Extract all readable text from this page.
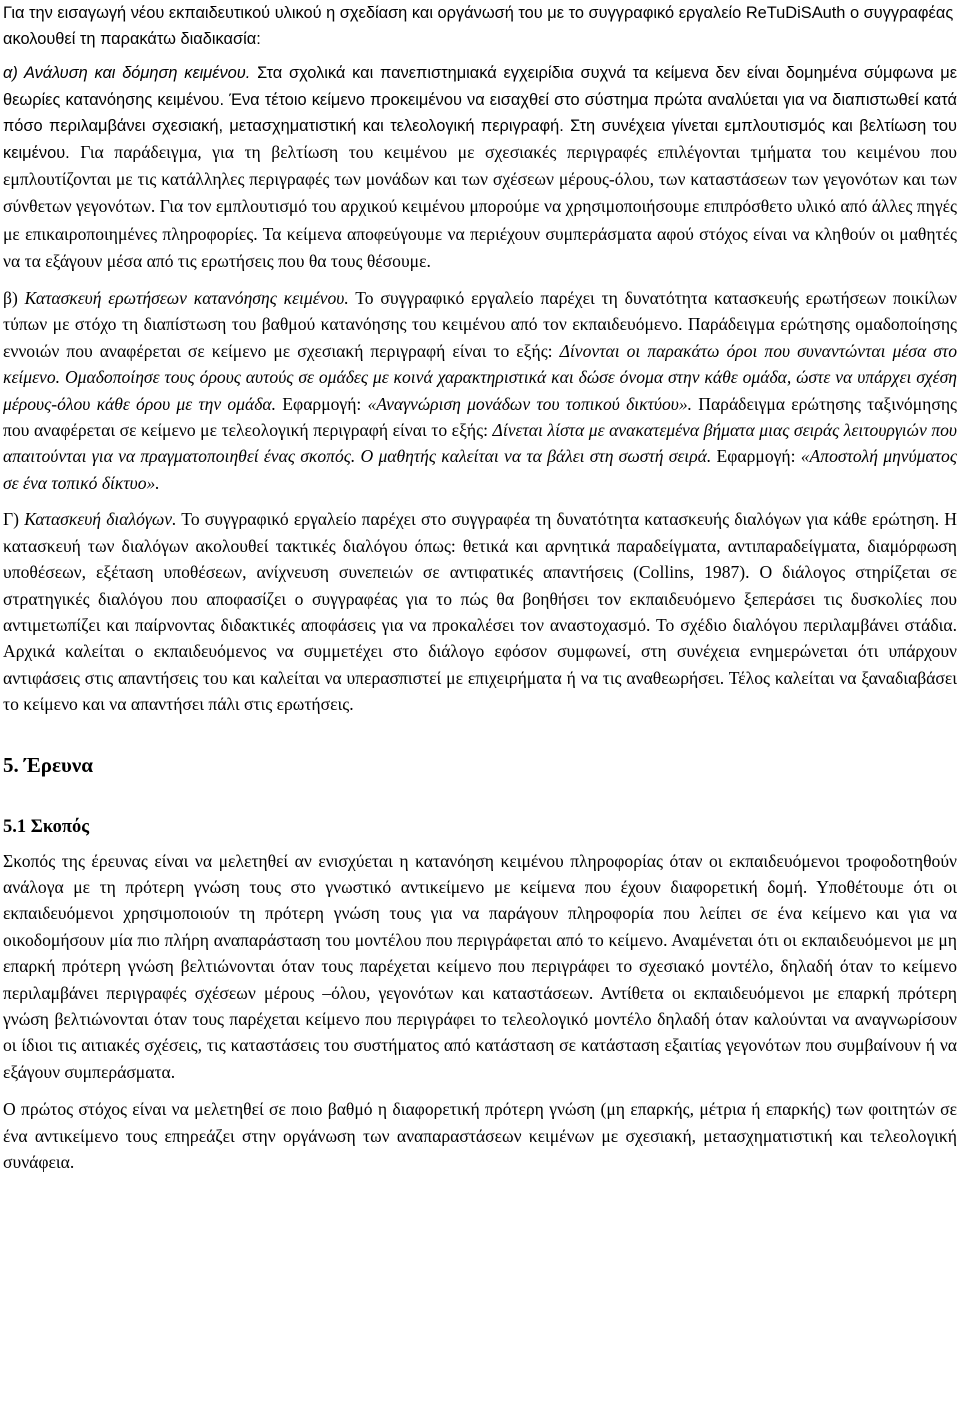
Για την εισαγωγή νέου εκπαιδευτικού υλικού η σχεδίαση και οργάνωσή του με το συγγραφικό εργαλείο ReTuDiSAuth ο συγγραφέας ακολουθεί τη παρακάτω διαδικασία:

α) Ανάλυση και δόμηση κειμένου. Στα σχολικά και πανεπιστημιακά εγχειρίδια συχνά τα κείμενα δεν είναι δομημένα σύμφωνα με θεωρίες κατανόησης κειμένου. Ένα τέτοιο κείμενο προκειμένου να εισαχθεί στο σύστημα πρώτα αναλύεται για να διαπιστωθεί κατά πόσο περιλαμβάνει σχεσιακή, μετασχηματιστική και τελεολογική περιγραφή. Στη συνέχεια γίνεται εμπλουτισμός και βελτίωση του κειμένου. Για παράδειγμα, για τη βελτίωση του κειμένου με σχεσιακές περιγραφές επιλέγονται τμήματα του κειμένου που εμπλουτίζονται με τις κατάλληλες περιγραφές των μονάδων και των σχέσεων μέρους-όλου, των καταστάσεων των γεγονότων και των σύνθετων γεγονότων. Για τον εμπλουτισμό του αρχικού κειμένου μπορούμε να χρησιμοποιήσουμε επιπρόσθετο υλικό από άλλες πηγές με επικαιροποιημένες πληροφορίες. Τα κείμενα αποφεύγουμε να περιέχουν συμπεράσματα αφού στόχος είναι να κληθούν οι μαθητές να τα εξάγουν μέσα από τις ερωτήσεις που θα τους θέσουμε.

β) Κατασκευή ερωτήσεων κατανόησης κειμένου. Το συγγραφικό εργαλείο παρέχει τη δυνατότητα κατασκευής ερωτήσεων ποικίλων τύπων με στόχο τη διαπίστωση του βαθμού κατανόησης του κειμένου από τον εκπαιδευόμενο. Παράδειγμα ερώτησης ομαδοποίησης εννοιών που αναφέρεται σε κείμενο με σχεσιακή περιγραφή είναι το εξής: Δίνονται οι παρακάτω όροι που συναντώνται μέσα στο κείμενο. Ομαδοποίησε τους όρους αυτούς σε ομάδες με κοινά χαρακτηριστικά και δώσε όνομα στην κάθε ομάδα, ώστε να υπάρχει σχέση μέρους-όλου κάθε όρου με την ομάδα. Εφαρμογή: «Αναγνώριση μονάδων του τοπικού δικτύου». Παράδειγμα ερώτησης ταξινόμησης που αναφέρεται σε κείμενο με τελεολογική περιγραφή είναι το εξής: Δίνεται λίστα με ανακατεμένα βήματα μιας σειράς λειτουργιών που απαιτούνται για να πραγματοποιηθεί ένας σκοπός. Ο μαθητής καλείται να τα βάλει στη σωστή σειρά. Εφαρμογή: «Αποστολή μηνύματος σε ένα τοπικό δίκτυο».

Γ) Κατασκευή διαλόγων. Το συγγραφικό εργαλείο παρέχει στο συγγραφέα τη δυνατότητα κατασκευής διαλόγων για κάθε ερώτηση. Η κατασκευή των διαλόγων ακολουθεί τακτικές διαλόγου όπως: θετικά και αρνητικά παραδείγματα, αντιπαραδείγματα, διαμόρφωση υποθέσεων, εξέταση υποθέσεων, ανίχνευση συνεπειών σε αντιφατικές απαντήσεις (Collins, 1987). Ο διάλογος στηρίζεται σε στρατηγικές διαλόγου που αποφασίζει ο συγγραφέας για το πώς θα βοηθήσει τον εκπαιδευόμενο ξεπεράσει τις δυσκολίες που αντιμετωπίζει και παίρνοντας διδακτικές αποφάσεις για να προκαλέσει τον αναστοχασμό. Το σχέδιο διαλόγου περιλαμβάνει στάδια. Αρχικά καλείται ο εκπαιδευόμενος να συμμετέχει στο διάλογο εφόσον συμφωνεί, στη συνέχεια ενημερώνεται ότι υπάρχουν αντιφάσεις στις απαντήσεις του και καλείται να υπερασπιστεί με επιχειρήματα ή να τις αναθεωρήσει. Τέλος καλείται να ξαναδιαβάσει το κείμενο και να απαντήσει πάλι στις ερωτήσεις.

5. Έρευνα
5.1 Σκοπός

Σκοπός της έρευνας είναι να μελετηθεί αν ενισχύεται η κατανόηση κειμένου πληροφορίας όταν οι εκπαιδευόμενοι τροφοδοτηθούν ανάλογα με τη πρότερη γνώση τους στο γνωστικό αντικείμενο με κείμενα που έχουν διαφορετική δομή. Υποθέτουμε ότι οι εκπαιδευόμενοι χρησιμοποιούν τη πρότερη γνώση τους για να παράγουν πληροφορία που λείπει σε ένα κείμενο και για να οικοδομήσουν μία πιο πλήρη αναπαράσταση του μοντέλου που περιγράφεται από το κείμενο. Αναμένεται ότι οι εκπαιδευόμενοι με μη επαρκή πρότερη γνώση βελτιώνονται όταν τους παρέχεται κείμενο που περιγράφει το σχεσιακό μοντέλο, δηλαδή όταν το κείμενο περιλαμβάνει περιγραφές σχέσεων μέρους –όλου, γεγονότων και καταστάσεων. Αντίθετα οι εκπαιδευόμενοι με επαρκή πρότερη γνώση βελτιώνονται όταν τους παρέχεται κείμενο που περιγράφει το τελεολογικό μοντέλο δηλαδή όταν καλούνται να αναγνωρίσουν οι ίδιοι τις αιτιακές σχέσεις, τις καταστάσεις του συστήματος από κατάσταση σε κατάσταση εξαιτίας γεγονότων που συμβαίνουν ή να εξάγουν συμπεράσματα.

Ο πρώτος στόχος είναι να μελετηθεί σε ποιο βαθμό η διαφορετική πρότερη γνώση (μη επαρκής, μέτρια ή επαρκής) των φοιτητών σε ένα αντικείμενο τους επηρεάζει στην οργάνωση των αναπαραστάσεων κειμένων με σχεσιακή, μετασχηματιστική και τελεολογική συνάφεια.
